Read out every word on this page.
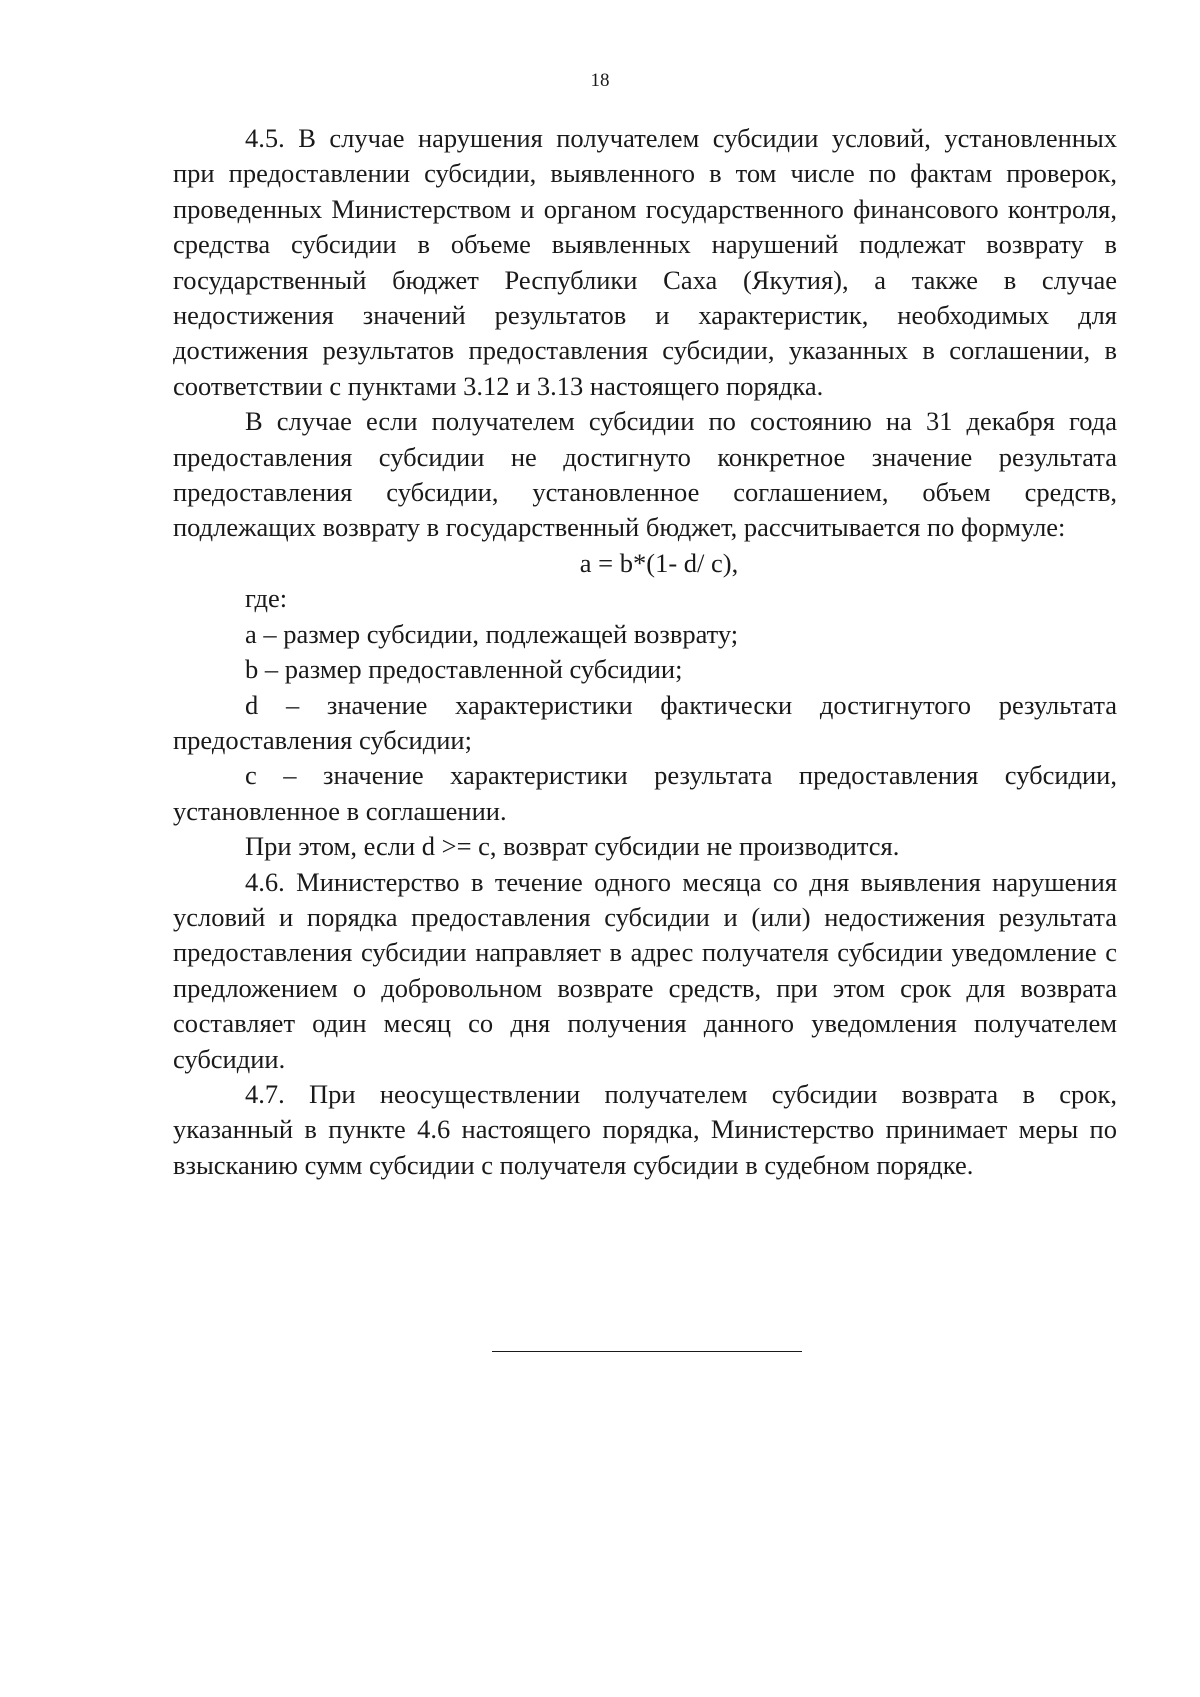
18

4.5. В случае нарушения получателем субсидии условий, установленных при предоставлении субсидии, выявленного в том числе по фактам проверок, проведенных Министерством и органом государственного финансового контроля, средства субсидии в объеме выявленных нарушений подлежат возврату в государственный бюджет Республики Саха (Якутия), а также в случае недостижения значений результатов и характеристик, необходимых для достижения результатов предоставления субсидии, указанных в соглашении, в соответствии с пунктами 3.12 и 3.13 настоящего порядка.

В случае если получателем субсидии по состоянию на 31 декабря года предоставления субсидии не достигнуто конкретное значение результата предоставления субсидии, установленное соглашением, объем средств, подлежащих возврату в государственный бюджет, рассчитывается по формуле:

a = b*(1- d/ c),

где:

а – размер субсидии, подлежащей возврату;

b – размер предоставленной субсидии;

d – значение характеристики фактически достигнутого результата предоставления субсидии;

c – значение характеристики результата предоставления субсидии, установленное в соглашении.

При этом, если d >= c, возврат субсидии не производится.

4.6. Министерство в течение одного месяца со дня выявления нарушения условий и порядка предоставления субсидии и (или) недостижения результата предоставления субсидии направляет в адрес получателя субсидии уведомление с предложением о добровольном возврате средств, при этом срок для возврата составляет один месяц со дня получения данного уведомления получателем субсидии.

4.7. При неосуществлении получателем субсидии возврата в срок, указанный в пункте 4.6 настоящего порядка, Министерство принимает меры по взысканию сумм субсидии с получателя субсидии в судебном порядке.
